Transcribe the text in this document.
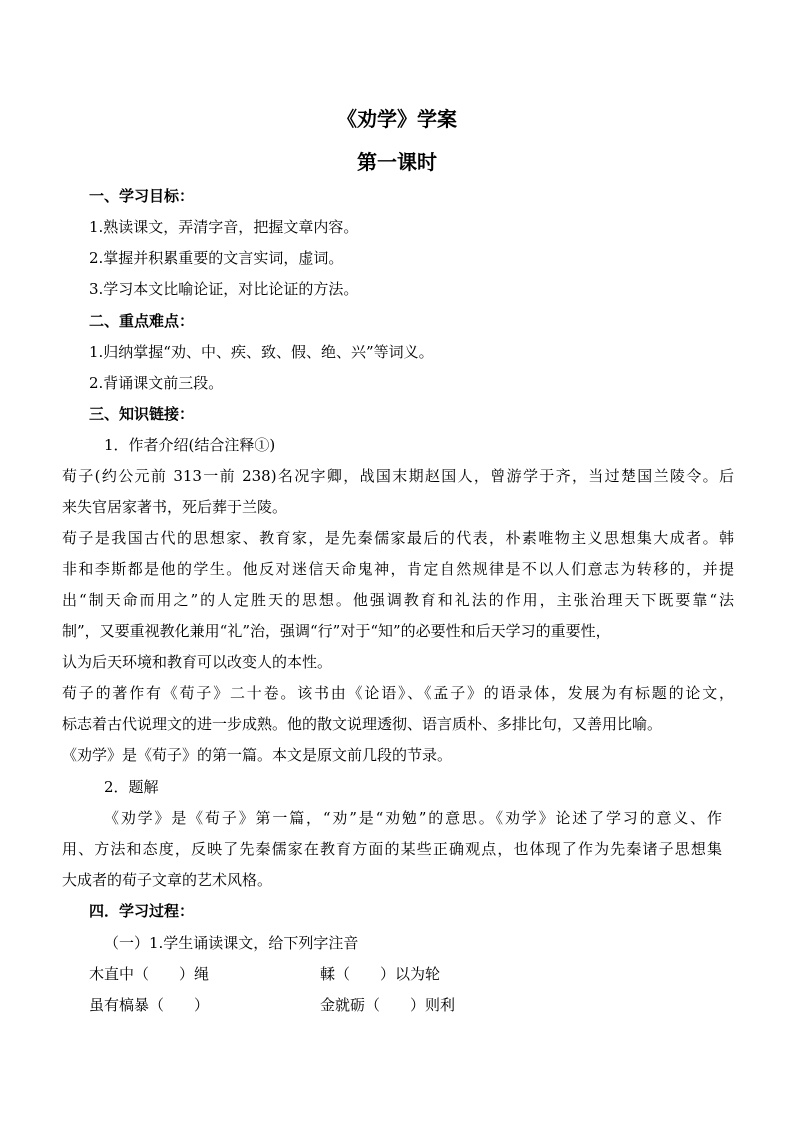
《劝学》学案
第一课时
一、学习目标：
1.熟读课文，弄清字音，把握文章内容。
2.掌握并积累重要的文言实词，虚词。
3.学习本文比喻论证，对比论证的方法。
二、重点难点：
1.归纳掌握“劝、中、疾、致、假、绝、兴”等词义。
2.背诵课文前三段。
三、知识链接：
1．作者介绍(结合注释①)
荀子(约公元前 313一前 238)名况字卿，战国末期赵国人，曾游学于齐，当过楚国兰陵令。后
来失官居家著书，死后葬于兰陵。
荀子是我国古代的思想家、教育家，是先秦儒家最后的代表，朴素唯物主义思想集大成者。韩
非和李斯都是他的学生。他反对迷信天命鬼神，肯定自然规律是不以人们意志为转移的，并提
出“制天命而用之”的人定胜天的思想。他强调教育和礼法的作用，主张治理天下既要靠“法
制”，又要重视教化兼用“礼”治，强调“行”对于“知”的必要性和后天学习的重要性，
认为后天环境和教育可以改变人的本性。
荀子的著作有《荀子》二十卷。该书由《论语》、《孟子》的语录体，发展为有标题的论文，
标志着古代说理文的进一步成熟。他的散文说理透彻、语言质朴、多排比句，又善用比喻。
《劝学》是《荀子》的第一篇。本文是原文前几段的节录。
2．题解
《劝学》是《荀子》第一篇，“劝”是“劝勉”的意思。《劝学》论述了学习的意义、作
用、方法和态度，反映了先秦儒家在教育方面的某些正确观点，也体现了作为先秦诸子思想集
大成者的荀子文章的艺术风格。
四．学习过程：
（一）1.学生诵读课文，给下列字注音
木直中（　　）绳	輮（　　）以为轮
虽有槁暴（　　）	金就砺（　　）则利
